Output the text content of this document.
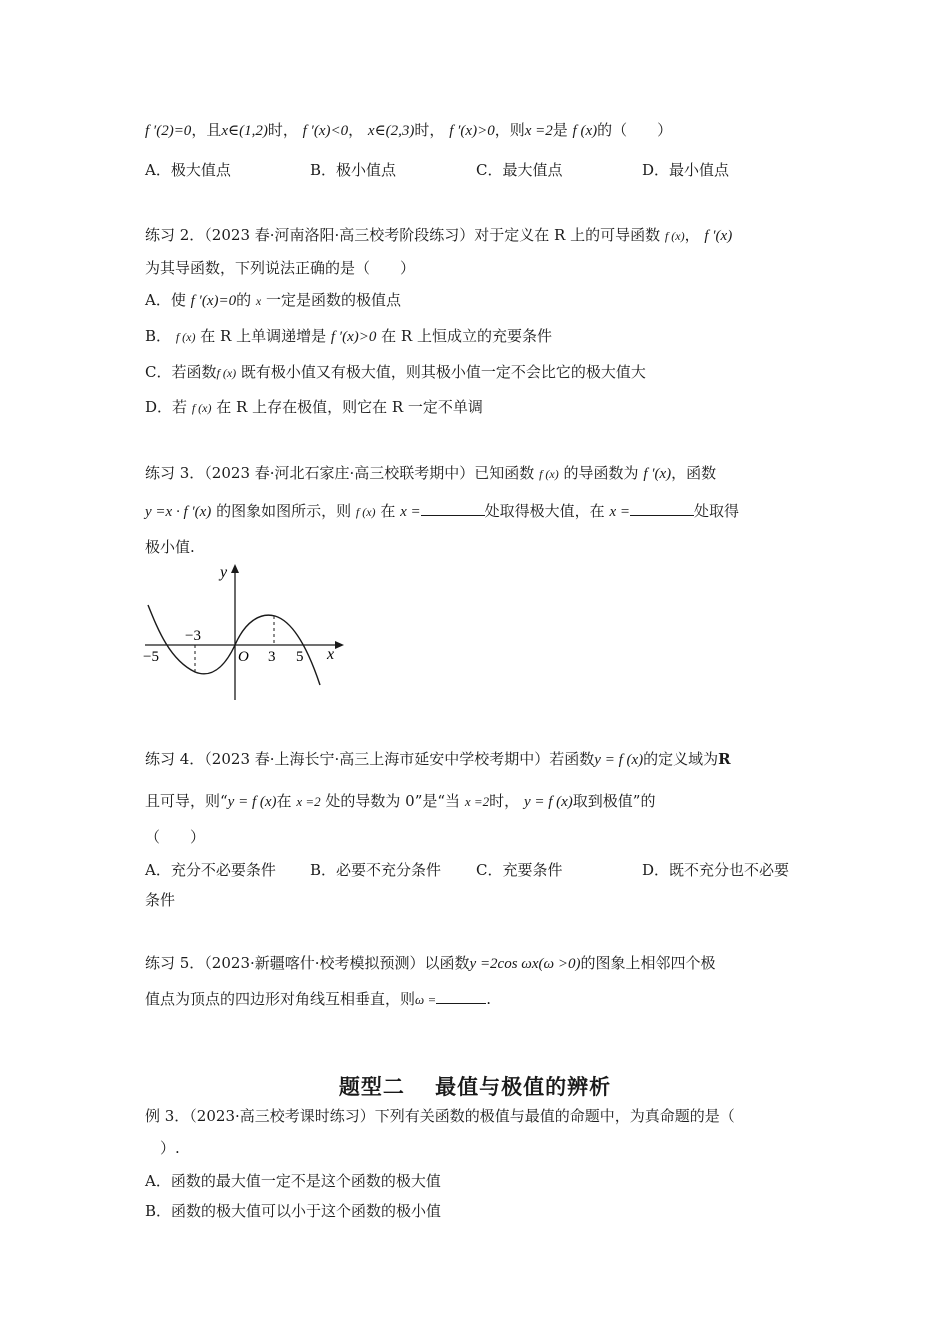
f ′(2)=0，且x∈(1,2)时， f ′(x)<0， x∈(2,3)时， f ′(x)>0，则x =2是 f (x)的（　　）
A．极大值点	B．极小值点	C．最大值点	D．最小值点
练习 2．（2023 春·河南洛阳·高三校考阶段练习）对于定义在 R 上的可导函数 f (x)， f ′(x)
为其导函数，下列说法正确的是（　　）
A．使 f ′(x)=0的 x 一定是函数的极值点
B． f (x) 在 R 上单调递增是 f ′(x)>0 在 R 上恒成立的充要条件
C．若函数f (x) 既有极小值又有极大值，则其极小值一定不会比它的极大值大
D．若 f (x) 在 R 上存在极值，则它在 R 一定不单调
练习 3．（2023 春·河北石家庄·高三校联考期中）已知函数 f (x) 的导函数为 f ′(x)，函数
y =x · f ′(x) 的图象如图所示，则 f (x) 在 x =	处取得极大值，在 x =	处取得
极小值.
y
x
O
−5
−3
3 5
练习 4．（2023 春·上海长宁·高三上海市延安中学校考期中）若函数y = f (x)的定义域为R
且可导，则“y = f (x)在 x =2 处的导数为 0”是“当 x =2时， y = f (x)取到极值”的
（　　）
A．充分不必要条件 B．必要不充分条件 C．充要条件	D．既不充分也不必要
条件
练习 5．（2023·新疆喀什·校考模拟预测）以函数y =2cos ωx(ω >0)的图象上相邻四个极
值点为顶点的四边形对角线互相垂直，则ω =	.
题型二　 最值与极值的辨析
例 3．（2023·高三校考课时练习）下列有关函数的极值与最值的命题中，为真命题的是（
　）.
A．函数的最大值一定不是这个函数的极大值
B．函数的极大值可以小于这个函数的极小值
